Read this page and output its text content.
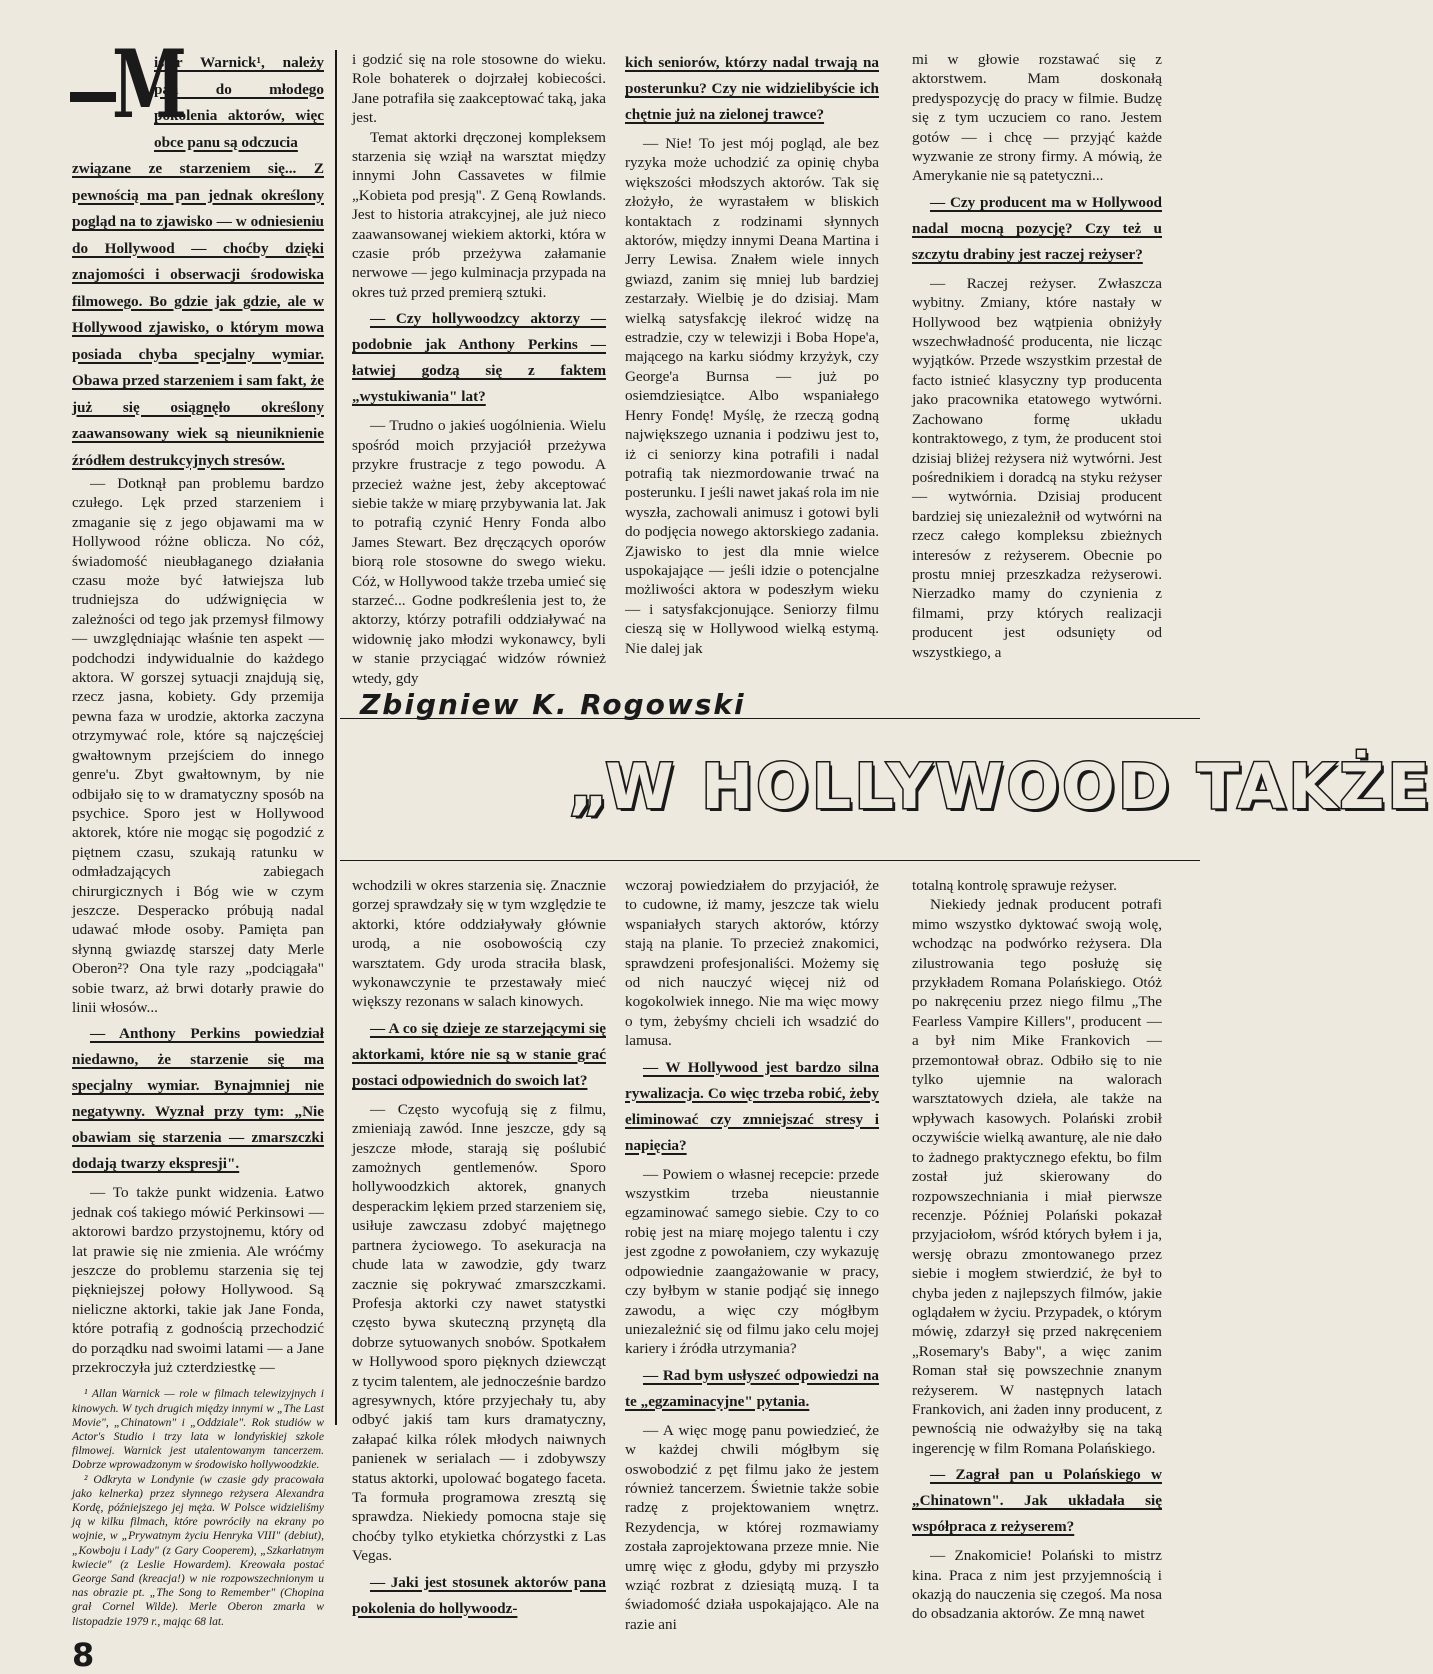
M

ister Warnick¹, należy pan do młodego pokolenia aktorów, więc obce panu są odczucia

związane ze starzeniem się... Z pewnością ma pan jednak określony pogląd na to zjawisko — w odniesieniu do Hollywood — choćby dzięki znajomości i obserwacji środowiska filmowego. Bo gdzie jak gdzie, ale w Hollywood zjawisko, o którym mowa posiada chyba specjalny wymiar. Obawa przed starzeniem i sam fakt, że już się osiągnęło określony zaawansowany wiek są nieuniknienie źródłem destrukcyjnych stresów.

— Dotknął pan problemu bardzo czułego. Lęk przed starzeniem i zmaganie się z jego objawami ma w Hollywood różne oblicza. No cóż, świadomość nieubłaganego działania czasu może być łatwiejsza lub trudniejsza do udźwignięcia w zależności od tego jak przemysł filmowy — uwzględniając właśnie ten aspekt — podchodzi indywidualnie do każdego aktora. W gorszej sytuacji znajdują się, rzecz jasna, kobiety. Gdy przemija pewna faza w urodzie, aktorka zaczyna otrzymywać role, które są najczęściej gwałtownym przejściem do innego genre'u. Zbyt gwałtownym, by nie odbijało się to w dramatyczny sposób na psychice. Sporo jest w Hollywood aktorek, które nie mogąc się pogodzić z piętnem czasu, szukają ratunku w odmładzających zabiegach chirurgicznych i Bóg wie w czym jeszcze. Desperacko próbują nadal udawać młode osoby. Pamięta pan słynną gwiazdę starszej daty Merle Oberon²? Ona tyle razy „podciągała" sobie twarz, aż brwi dotarły prawie do linii włosów...

— Anthony Perkins powiedział niedawno, że starzenie się ma specjalny wymiar. Bynajmniej nie negatywny. Wyznał przy tym: „Nie obawiam się starzenia — zmarszczki dodają twarzy ekspresji".

— To także punkt widzenia. Łatwo jednak coś takiego mówić Perkinsowi — aktorowi bardzo przystojnemu, który od lat prawie się nie zmienia. Ale wróćmy jeszcze do problemu starzenia się tej piękniejszej połowy Hollywood. Są nieliczne aktorki, takie jak Jane Fonda, które potrafią z godnością przechodzić do porządku nad swoimi latami — a Jane przekroczyła już czterdziestkę —

¹ Allan Warnick — role w filmach telewizyjnych i kinowych. W tych drugich między innymi w „The Last Movie", „Chinatown" i „Oddziale". Rok studiów w Actor's Studio i trzy lata w londyńskiej szkole filmowej. Warnick jest utalentowanym tancerzem. Dobrze wprowadzonym w środowisko hollywoodzkie.

² Odkryta w Londynie (w czasie gdy pracowała jako kelnerka) przez słynnego reżysera Alexandra Kordę, późniejszego jej męża. W Polsce widzieliśmy ją w kilku filmach, które powróciły na ekrany po wojnie, w „Prywatnym życiu Henryka VIII" (debiut), „Kowboju i Lady" (z Gary Cooperem), „Szkarłatnym kwiecie" (z Leslie Howardem). Kreowała postać George Sand (kreacja!) w nie rozpowszechnionym u nas obrazie pt. „The Song to Remember" (Chopina grał Cornel Wilde). Merle Oberon zmarła w listopadzie 1979 r., mając 68 lat.

i godzić się na role stosowne do wieku. Role bohaterek o dojrzałej kobiecości. Jane potrafiła się zaakceptować taką, jaka jest.

Temat aktorki dręczonej kompleksem starzenia się wziął na warsztat między innymi John Cassavetes w filmie „Kobieta pod presją". Z Geną Rowlands. Jest to historia atrakcyjnej, ale już nieco zaawansowanej wiekiem aktorki, która w czasie prób przeżywa załamanie nerwowe — jego kulminacja przypada na okres tuż przed premierą sztuki.

— Czy hollywoodzcy aktorzy — podobnie jak Anthony Perkins — łatwiej godzą się z faktem „wystukiwania" lat?

— Trudno o jakieś uogólnienia. Wielu spośród moich przyjaciół przeżywa przykre frustracje z tego powodu. A przecież ważne jest, żeby akceptować siebie także w miarę przybywania lat. Jak to potrafią czynić Henry Fonda albo James Stewart. Bez dręczących oporów biorą role stosowne do swego wieku. Cóż, w Hollywood także trzeba umieć się starzeć... Godne podkreślenia jest to, że aktorzy, którzy potrafili oddziaływać na widownię jako młodzi wykonawcy, byli w stanie przyciągać widzów również wtedy, gdy

kich seniorów, którzy nadal trwają na posterunku? Czy nie widzielibyście ich chętnie już na zielonej trawce?

— Nie! To jest mój pogląd, ale bez ryzyka może uchodzić za opinię chyba większości młodszych aktorów. Tak się złożyło, że wyrastałem w bliskich kontaktach z rodzinami słynnych aktorów, między innymi Deana Martina i Jerry Lewisa. Znałem wiele innych gwiazd, zanim się mniej lub bardziej zestarzały. Wielbię je do dzisiaj. Mam wielką satysfakcję ilekroć widzę na estradzie, czy w telewizji i Boba Hope'a, mającego na karku siódmy krzyżyk, czy George'a Burnsa — już po osiemdziesiątce. Albo wspaniałego Henry Fondę! Myślę, że rzeczą godną największego uznania i podziwu jest to, iż ci seniorzy kina potrafili i nadal potrafią tak niezmordowanie trwać na posterunku. I jeśli nawet jakaś rola im nie wyszła, zachowali animusz i gotowi byli do podjęcia nowego aktorskiego zadania. Zjawisko to jest dla mnie wielce uspokajające — jeśli idzie o potencjalne możliwości aktora w podeszłym wieku — i satysfakcjonujące. Seniorzy filmu cieszą się w Hollywood wielką estymą. Nie dalej jak

mi w głowie rozstawać się z aktorstwem. Mam doskonałą predyspozycję do pracy w filmie. Budzę się z tym uczuciem co rano. Jestem gotów — i chcę — przyjąć każde wyzwanie ze strony firmy. A mówią, że Amerykanie nie są patetyczni...

— Czy producent ma w Hollywood nadal mocną pozycję? Czy też u szczytu drabiny jest raczej reżyser?

— Raczej reżyser. Zwłaszcza wybitny. Zmiany, które nastały w Hollywood bez wątpienia obniżyły wszechwładność producenta, nie licząc wyjątków. Przede wszystkim przestał de facto istnieć klasyczny typ producenta jako pracownika etatowego wytwórni. Zachowano formę układu kontraktowego, z tym, że producent stoi dzisiaj bliżej reżysera niż wytwórni. Jest pośrednikiem i doradcą na styku reżyser — wytwórnia. Dzisiaj producent bardziej się uniezależnił od wytwórni na rzecz całego kompleksu zbieżnych interesów z reżyserem. Obecnie po prostu mniej przeszkadza reżyserowi. Nierzadko mamy do czynienia z filmami, przy których realizacji producent jest odsunięty od wszystkiego, a

Zbigniew K. Rogowski
„W HOLLYWOOD TAKŻE

wchodzili w okres starzenia się. Znacznie gorzej sprawdzały się w tym względzie te aktorki, które oddziaływały głównie urodą, a nie osobowością czy warsztatem. Gdy uroda straciła blask, wykonawczynie te przestawały mieć większy rezonans w salach kinowych.

— A co się dzieje ze starzejącymi się aktorkami, które nie są w stanie grać postaci odpowiednich do swoich lat?

— Często wycofują się z filmu, zmieniają zawód. Inne jeszcze, gdy są jeszcze młode, starają się poślubić zamożnych gentlemenów. Sporo hollywoodzkich aktorek, gnanych desperackim lękiem przed starzeniem się, usiłuje zawczasu zdobyć majętnego partnera życiowego. To asekuracja na chude lata w zawodzie, gdy twarz zacznie się pokrywać zmarszczkami. Profesja aktorki czy nawet statystki często bywa skuteczną przynętą dla dobrze sytuowanych snobów. Spotkałem w Hollywood sporo pięknych dziewcząt z tycim talentem, ale jednocześnie bardzo agresywnych, które przyjechały tu, aby odbyć jakiś tam kurs dramatyczny, załapać kilka rólek młodych naiwnych panienek w serialach — i zdobywszy status aktorki, upolować bogatego faceta. Ta formuła programowa zresztą się sprawdza. Niekiedy pomocna staje się choćby tylko etykietka chórzystki z Las Vegas.

— Jaki jest stosunek aktorów pana pokolenia do hollywoodz-

wczoraj powiedziałem do przyjaciół, że to cudowne, iż mamy, jeszcze tak wielu wspaniałych starych aktorów, którzy stają na planie. To przecież znakomici, sprawdzeni profesjonaliści. Możemy się od nich nauczyć więcej niż od kogokolwiek innego. Nie ma więc mowy o tym, żebyśmy chcieli ich wsadzić do lamusa.

— W Hollywood jest bardzo silna rywalizacja. Co więc trzeba robić, żeby eliminować czy zmniejszać stresy i napięcia?

— Powiem o własnej recepcie: przede wszystkim trzeba nieustannie egzaminować samego siebie. Czy to co robię jest na miarę mojego talentu i czy jest zgodne z powołaniem, czy wykazuję odpowiednie zaangażowanie w pracy, czy byłbym w stanie podjąć się innego zawodu, a więc czy mógłbym uniezależnić się od filmu jako celu mojej kariery i źródła utrzymania?

— Rad bym usłyszeć odpowiedzi na te „egzaminacyjne" pytania.

— A więc mogę panu powiedzieć, że w każdej chwili mógłbym się oswobodzić z pęt filmu jako że jestem również tancerzem. Świetnie także sobie radzę z projektowaniem wnętrz. Rezydencja, w której rozmawiamy została zaprojektowana przeze mnie. Nie umrę więc z głodu, gdyby mi przyszło wziąć rozbrat z dziesiątą muzą. I ta świadomość działa uspokajająco. Ale na razie ani

totalną kontrolę sprawuje reżyser.

Niekiedy jednak producent potrafi mimo wszystko dyktować swoją wolę, wchodząc na podwórko reżysera. Dla zilustrowania tego posłużę się przykładem Romana Polańskiego. Otóż po nakręceniu przez niego filmu „The Fearless Vampire Killers", producent — a był nim Mike Frankovich — przemontował obraz. Odbiło się to nie tylko ujemnie na walorach warsztatowych dzieła, ale także na wpływach kasowych. Polański zrobił oczywiście wielką awanturę, ale nie dało to żadnego praktycznego efektu, bo film został już skierowany do rozpowszechniania i miał pierwsze recenzje. Później Polański pokazał przyjaciołom, wśród których byłem i ja, wersję obrazu zmontowanego przez siebie i mogłem stwierdzić, że był to chyba jeden z najlepszych filmów, jakie oglądałem w życiu. Przypadek, o którym mówię, zdarzył się przed nakręceniem „Rosemary's Baby", a więc zanim Roman stał się powszechnie znanym reżyserem. W następnych latach Frankovich, ani żaden inny producent, z pewnością nie odważyłby się na taką ingerencję w film Romana Polańskiego.

— Zagrał pan u Polańskiego w „Chinatown". Jak układała się współpraca z reżyserem?

— Znakomicie! Polański to mistrz kina. Praca z nim jest przyjemnością i okazją do nauczenia się czegoś. Ma nosa do obsadzania aktorów. Ze mną nawet

8
